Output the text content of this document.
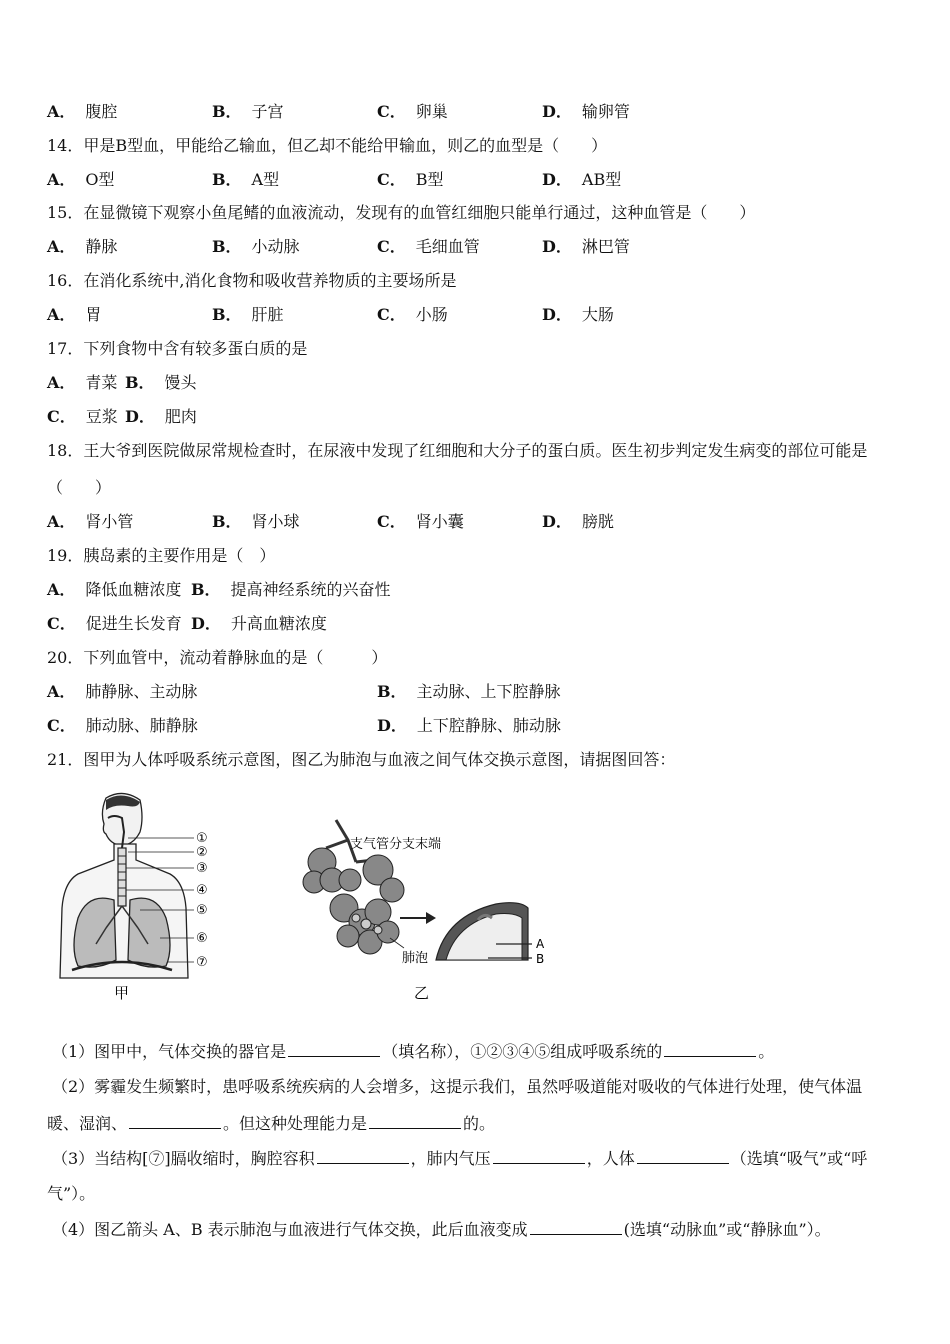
A． 腹腔	B． 子宫	C． 卵巢	D． 输卵管
14．甲是B型血，甲能给乙输血，但乙却不能给甲输血，则乙的血型是（　　）
A． O型	B． A型	C． B型	D． AB型
15．在显微镜下观察小鱼尾鳍的血液流动，发现有的血管红细胞只能单行通过，这种血管是（　　）
A． 静脉	B． 小动脉	C． 毛细血管	D． 淋巴管
16．在消化系统中,消化食物和吸收营养物质的主要场所是
A． 胃	B． 肝脏	C． 小肠	D． 大肠
17．下列食物中含有较多蛋白质的是
A． 青菜 B． 馒头
C． 豆浆 D． 肥肉
18．王大爷到医院做尿常规检查时，在尿液中发现了红细胞和大分子的蛋白质。医生初步判定发生病变的部位可能是
（　　）
A． 肾小管	B． 肾小球	C． 肾小囊	D． 膀胱
19．胰岛素的主要作用是（　）
A． 降低血糖浓度 B． 提高神经系统的兴奋性
C． 促进生长发育 D． 升高血糖浓度
20．下列血管中，流动着静脉血的是（　　　）
A． 肺静脉、主动脉	B． 主动脉、上下腔静脉
C． 肺动脉、肺静脉	D． 上下腔静脉、肺动脉
21．图甲为人体呼吸系统示意图，图乙为肺泡与血液之间气体交换示意图，请据图回答：
①
②
③
④
⑤
⑥
⑦
甲
支气管分支末端
肺泡
A
B
乙
（1）图甲中，气体交换的器官是	（填名称），①②③④⑤组成呼吸系统的	。
（2）雾霾发生频繁时，患呼吸系统疾病的人会增多，这提示我们，虽然呼吸道能对吸收的气体进行处理，使气体温
暖、湿润、	。但这种处理能力是	的。
（3）当结构[⑦]膈收缩时，胸腔容积	，肺内气压	，人体	（选填“吸气”或“呼
气”）。
（4）图乙箭头 A、B 表示肺泡与血液进行气体交换，此后血液变成	(选填“动脉血”或“静脉血”）。
